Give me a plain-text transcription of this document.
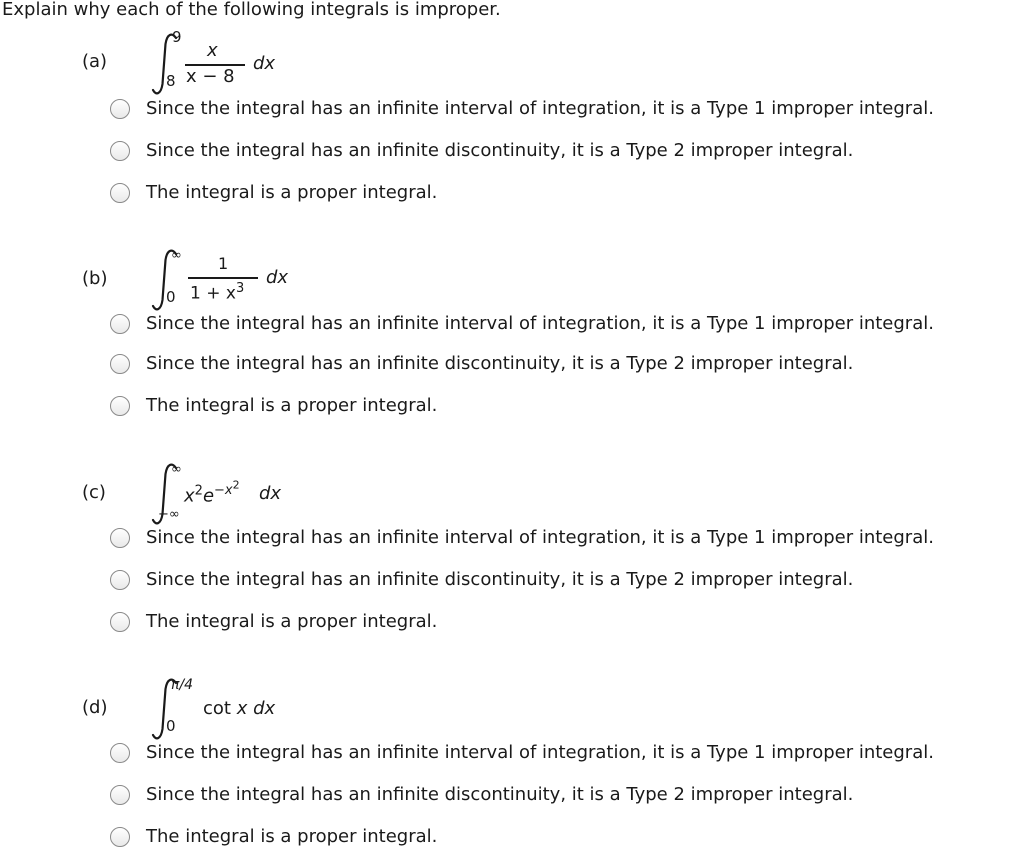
Explain why each of the following integrals is improper.
(a)
9
8
x
x − 8
dx
Since the integral has an infinite interval of integration, it is a Type 1 improper integral.
Since the integral has an infinite discontinuity, it is a Type 2 improper integral.
The integral is a proper integral.
(b)
∞
0
1
$1 + x^3$
dx
Since the integral has an infinite interval of integration, it is a Type 1 improper integral.
Since the integral has an infinite discontinuity, it is a Type 2 improper integral.
The integral is a proper integral.
(c)
∞
−∞
$x^2e^{-x^2}$ dx
Since the integral has an infinite interval of integration, it is a Type 1 improper integral.
Since the integral has an infinite discontinuity, it is a Type 2 improper integral.
The integral is a proper integral.
(d)
π/4
0
cot x dx
Since the integral has an infinite interval of integration, it is a Type 1 improper integral.
Since the integral has an infinite discontinuity, it is a Type 2 improper integral.
The integral is a proper integral.
